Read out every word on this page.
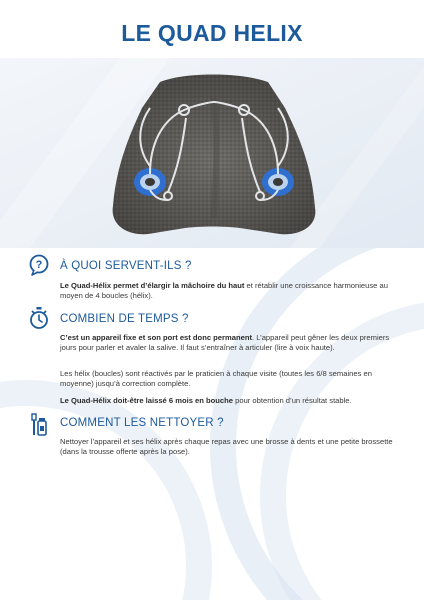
LE QUAD HELIX
? À QUOI SERVENT-ILS ?
Le Quad-Hélix permet d’élargir la mâchoire du haut et rétablir une croissance harmonieuse au moyen de 4 boucles (hélix).
COMBIEN DE TEMPS ?
C’est un appareil fixe et son port est donc permanent. L’appareil peut gêner les deux premiers jours pour parler et avaler la salive. Il faut s’entraîner à articuler (lire à voix haute).
Les hélix (boucles) sont réactivés par le praticien à chaque visite (toutes les 6/8 semaines en moyenne) jusqu’à correction complète.
Le Quad-Hélix doit-être laissé 6 mois en bouche pour obtention d’un résultat stable.
COMMENT LES NETTOYER ?
Nettoyer l’appareil et ses hélix après chaque repas avec une brosse à dents et une petite brossette (dans la trousse offerte après la pose).
